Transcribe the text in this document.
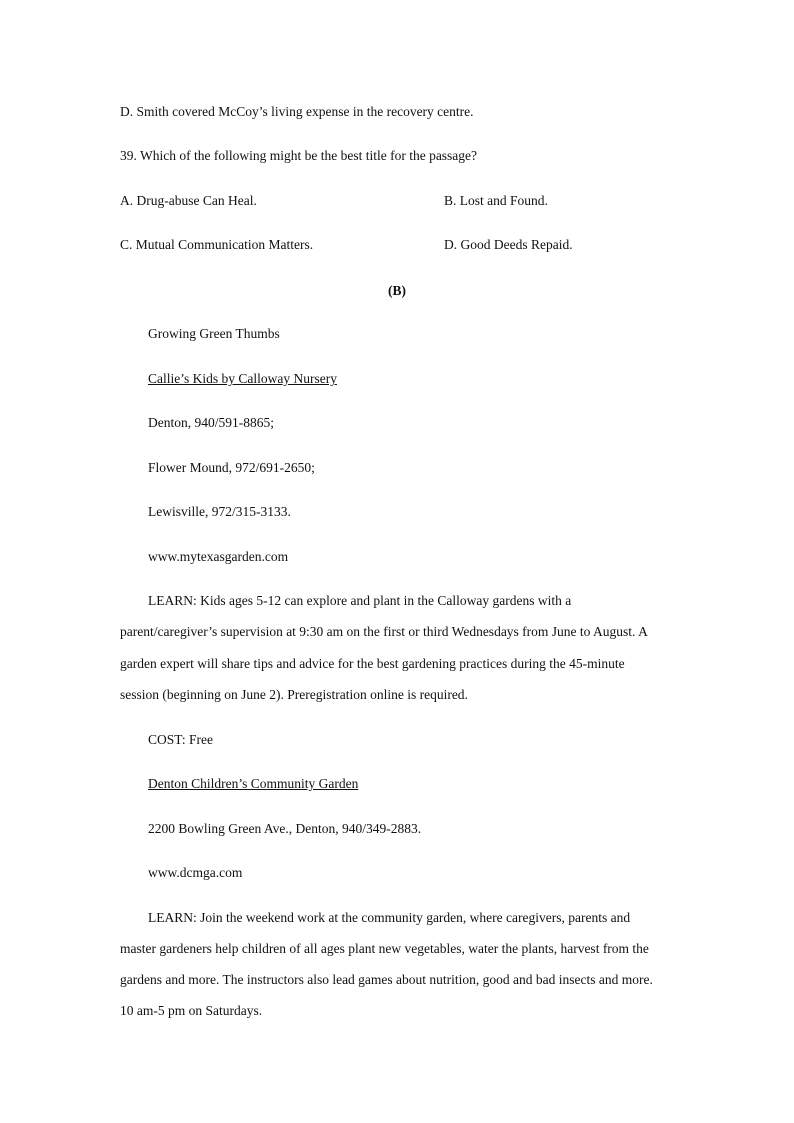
D. Smith covered McCoy’s living expense in the recovery centre.
39. Which of the following might be the best title for the passage?
A. Drug-abuse Can Heal.	B. Lost and Found.
C. Mutual Communication Matters.	D. Good Deeds Repaid.
(B)
Growing Green Thumbs
Callie’s Kids by Calloway Nursery
Denton, 940/591-8865;
Flower Mound, 972/691-2650;
Lewisville, 972/315-3133.
www.mytexasgarden.com
LEARN: Kids ages 5-12 can explore and plant in the Calloway gardens with a
parent/caregiver’s supervision at 9:30 am on the first or third Wednesdays from June to August. A
garden expert will share tips and advice for the best gardening practices during the 45-minute
session (beginning on June 2). Preregistration online is required.
COST: Free
Denton Children’s Community Garden
2200 Bowling Green Ave., Denton, 940/349-2883.
www.dcmga.com
LEARN: Join the weekend work at the community garden, where caregivers, parents and
master gardeners help children of all ages plant new vegetables, water the plants, harvest from the
gardens and more. The instructors also lead games about nutrition, good and bad insects and more.
10 am-5 pm on Saturdays.
